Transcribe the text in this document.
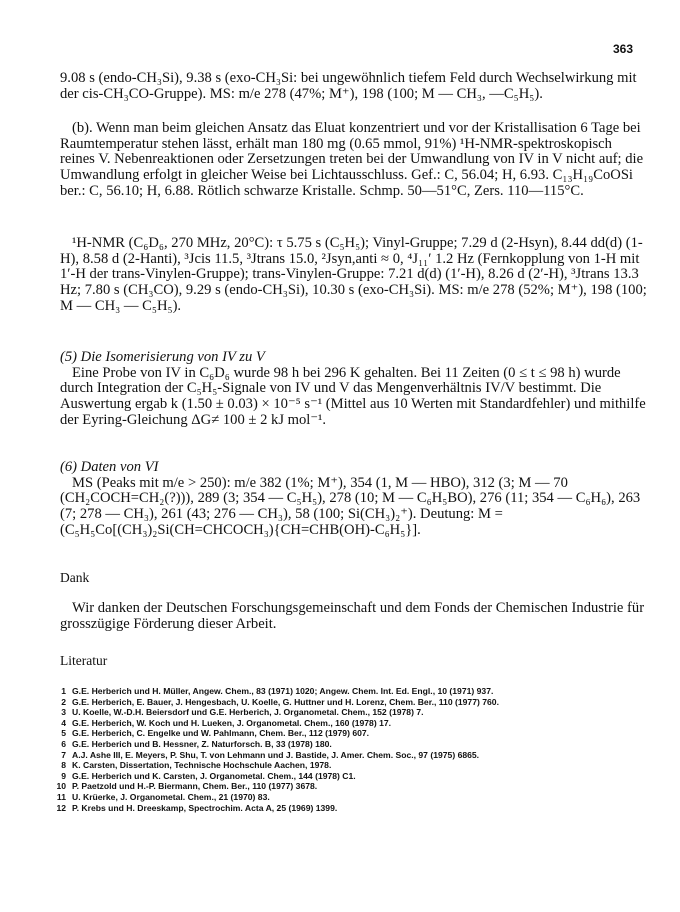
363

9.08 s (endo-CH₃Si), 9.38 s (exo-CH₃Si: bei ungewöhnlich tiefem Feld durch Wechselwirkung mit der cis-CH₃CO-Gruppe). MS: m/e 278 (47%; M⁺), 198 (100; M — CH₃, —C₅H₅).

(b). Wenn man beim gleichen Ansatz das Eluat konzentriert und vor der Kristallisation 6 Tage bei Raumtemperatur stehen lässt, erhält man 180 mg (0.65 mmol, 91%) ¹H-NMR-spektroskopisch reines V. Nebenreaktionen oder Zersetzungen treten bei der Umwandlung von IV in V nicht auf; die Umwandlung erfolgt in gleicher Weise bei Lichtausschluss. Gef.: C, 56.04; H, 6.93. C₁₃H₁₉CoOSi ber.: C, 56.10; H, 6.88. Rötlich schwarze Kristalle. Schmp. 50—51°C, Zers. 110—115°C.

¹H-NMR (C₆D₆, 270 MHz, 20°C): τ 5.75 s (C₅H₅); Vinyl-Gruppe; 7.29 d (2-Hsyn), 8.44 dd(d) (1-H), 8.58 d (2-Hanti), ³Jcis 11.5, ³Jtrans 15.0, ²Jsyn,anti ≈ 0, ⁴J₁₁′ 1.2 Hz (Fernkopplung von 1-H mit 1′-H der trans-Vinylen-Gruppe); trans-Vinylen-Gruppe: 7.21 d(d) (1′-H), 8.26 d (2′-H), ³Jtrans 13.3 Hz; 7.80 s (CH₃CO), 9.29 s (endo-CH₃Si), 10.30 s (exo-CH₃Si). MS: m/e 278 (52%; M⁺), 198 (100; M — CH₃ — C₅H₅).

(5) Die Isomerisierung von IV zu V

Eine Probe von IV in C₆D₆ wurde 98 h bei 296 K gehalten. Bei 11 Zeiten (0 ≤ t ≤ 98 h) wurde durch Integration der C₅H₅-Signale von IV und V das Mengenverhältnis IV/V bestimmt. Die Auswertung ergab k (1.50 ± 0.03) × 10⁻⁵ s⁻¹ (Mittel aus 10 Werten mit Standardfehler) und mithilfe der Eyring-Gleichung ΔG≠ 100 ± 2 kJ mol⁻¹.

(6) Daten von VI

MS (Peaks mit m/e > 250): m/e 382 (1%; M⁺), 354 (1, M — HBO), 312 (3; M — 70 (CH₂COCH=CH₂(?))), 289 (3; 354 — C₅H₅), 278 (10; M — C₆H₅BO), 276 (11; 354 — C₆H₆), 263 (7; 278 — CH₃), 261 (43; 276 — CH₃), 58 (100; Si(CH₃)₂⁺). Deutung: M = (C₅H₅Co[(CH₃)₂Si(CH=CHCOCH₃){CH=CHB(OH)-C₆H₅}].

Dank

Wir danken der Deutschen Forschungsgemeinschaft und dem Fonds der Chemischen Industrie für grosszügige Förderung dieser Arbeit.

Literatur

1 G.E. Herberich und H. Müller, Angew. Chem., 83 (1971) 1020; Angew. Chem. Int. Ed. Engl., 10 (1971) 937.
2 G.E. Herberich, E. Bauer, J. Hengesbach, U. Koelle, G. Huttner und H. Lorenz, Chem. Ber., 110 (1977) 760.
3 U. Koelle, W.-D.H. Beiersdorf und G.E. Herberich, J. Organometal. Chem., 152 (1978) 7.
4 G.E. Herberich, W. Koch und H. Lueken, J. Organometal. Chem., 160 (1978) 17.
5 G.E. Herberich, C. Engelke und W. Pahlmann, Chem. Ber., 112 (1979) 607.
6 G.E. Herberich und B. Hessner, Z. Naturforsch. B, 33 (1978) 180.
7 A.J. Ashe III, E. Meyers, P. Shu, T. von Lehmann und J. Bastide, J. Amer. Chem. Soc., 97 (1975) 6865.
8 K. Carsten, Dissertation, Technische Hochschule Aachen, 1978.
9 G.E. Herberich und K. Carsten, J. Organometal. Chem., 144 (1978) C1.
10 P. Paetzold und H.-P. Biermann, Chem. Ber., 110 (1977) 3678.
11 U. Krüerke, J. Organometal. Chem., 21 (1970) 83.
12 P. Krebs und H. Dreeskamp, Spectrochim. Acta A, 25 (1969) 1399.
